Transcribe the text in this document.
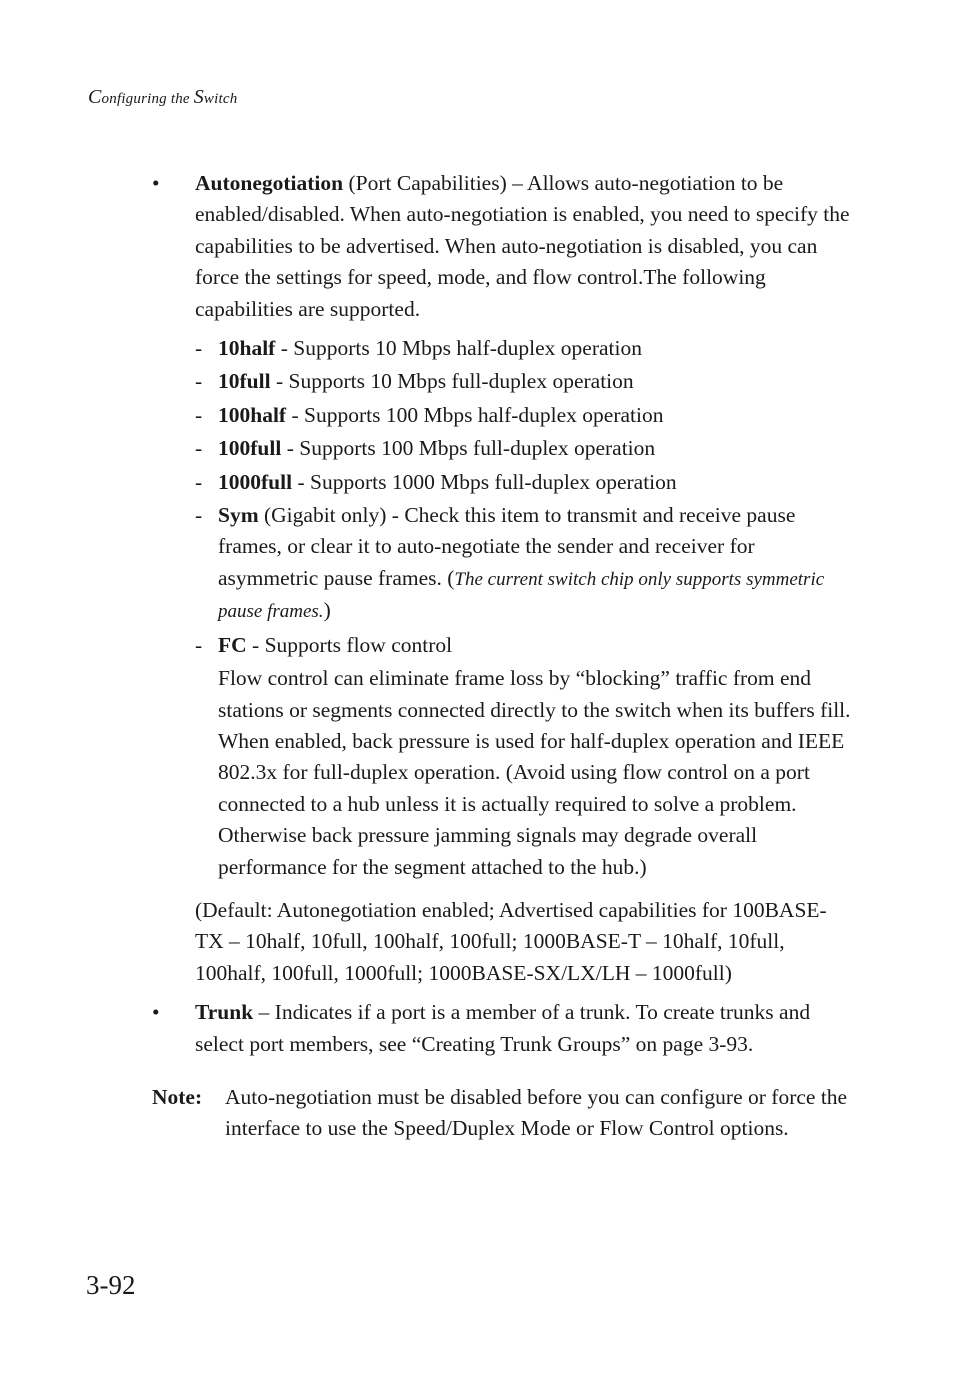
Configuring the Switch
• Autonegotiation (Port Capabilities) – Allows auto-negotiation to be enabled/disabled. When auto-negotiation is enabled, you need to specify the capabilities to be advertised. When auto-negotiation is disabled, you can force the settings for speed, mode, and flow control.The following capabilities are supported.
- 10half - Supports 10 Mbps half-duplex operation
- 10full - Supports 10 Mbps full-duplex operation
- 100half - Supports 100 Mbps half-duplex operation
- 100full - Supports 100 Mbps full-duplex operation
- 1000full - Supports 1000 Mbps full-duplex operation
- Sym (Gigabit only) - Check this item to transmit and receive pause frames, or clear it to auto-negotiate the sender and receiver for asymmetric pause frames. (The current switch chip only supports symmetric pause frames.)
- FC - Supports flow control
Flow control can eliminate frame loss by “blocking” traffic from end stations or segments connected directly to the switch when its buffers fill. When enabled, back pressure is used for half-duplex operation and IEEE 802.3x for full-duplex operation. (Avoid using flow control on a port connected to a hub unless it is actually required to solve a problem. Otherwise back pressure jamming signals may degrade overall performance for the segment attached to the hub.)
(Default: Autonegotiation enabled; Advertised capabilities for 100BASE-TX – 10half, 10full, 100half, 100full; 1000BASE-T – 10half, 10full, 100half, 100full, 1000full; 1000BASE-SX/LX/LH – 1000full)
• Trunk – Indicates if a port is a member of a trunk. To create trunks and select port members, see “Creating Trunk Groups” on page 3-93.
Note: Auto-negotiation must be disabled before you can configure or force the interface to use the Speed/Duplex Mode or Flow Control options.
3-92
